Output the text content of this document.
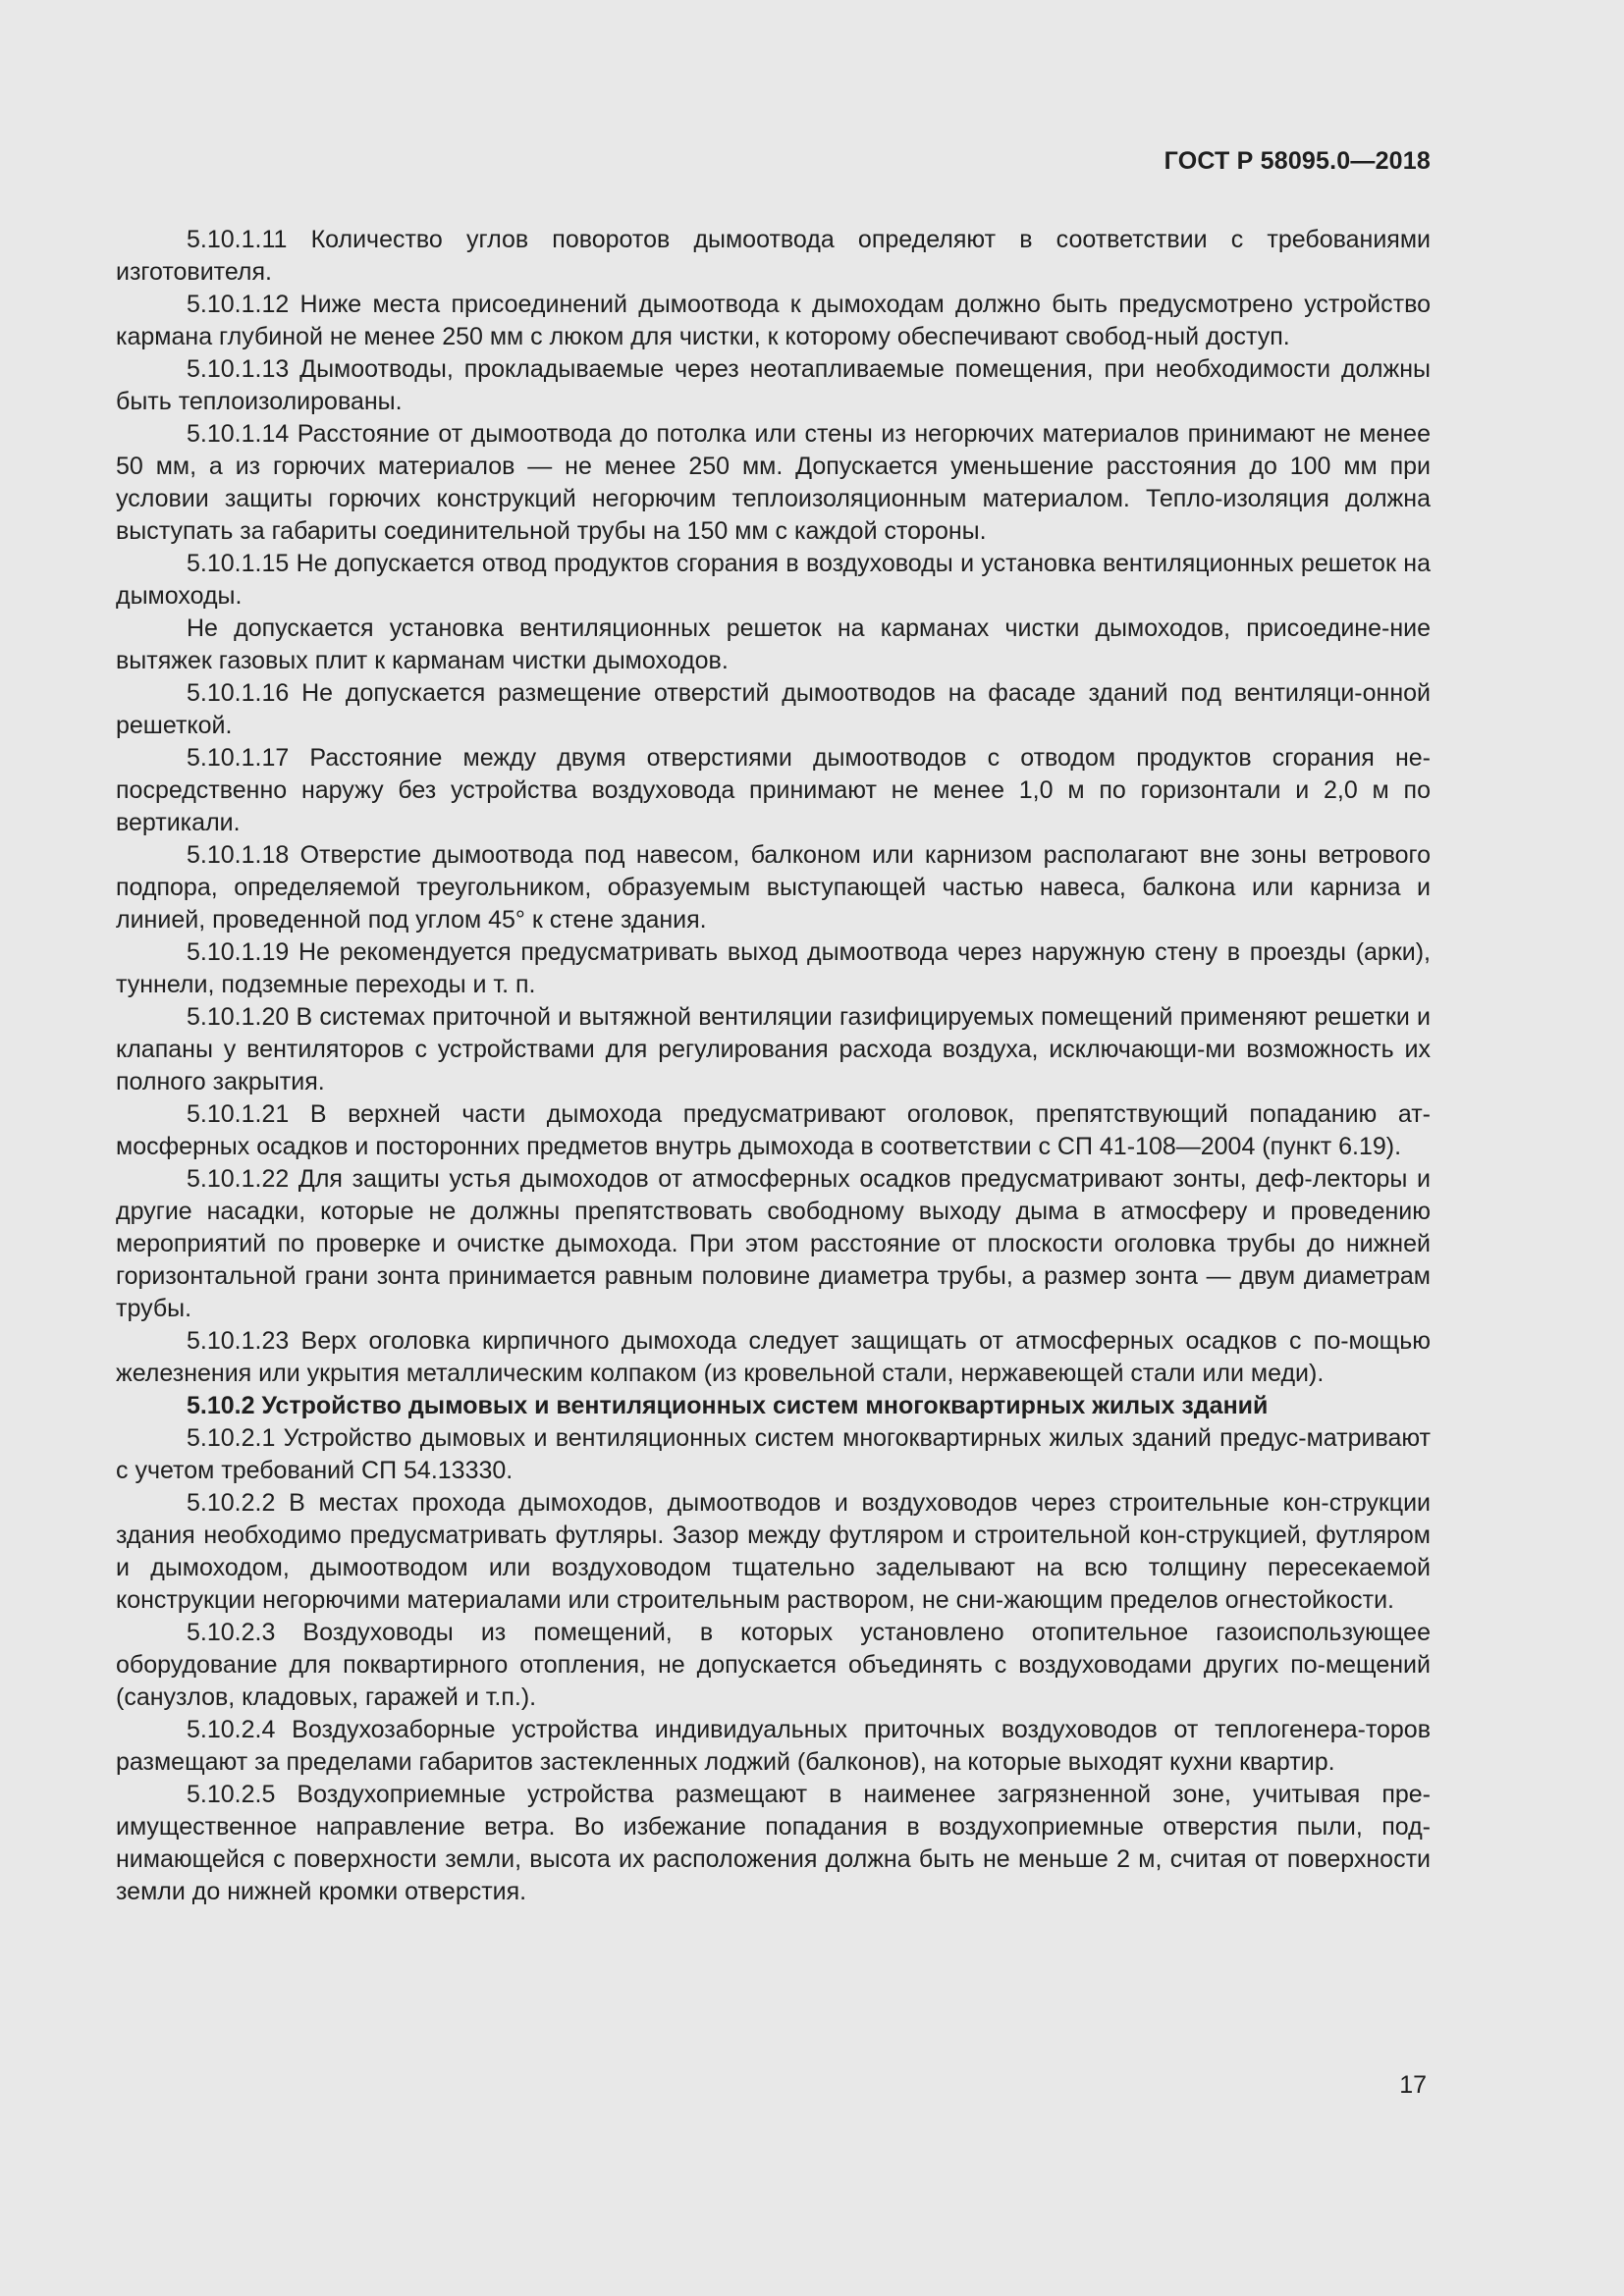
ГОСТ Р 58095.0—2018

5.10.1.11 Количество углов поворотов дымоотвода определяют в соответствии с требованиями изготовителя.

5.10.1.12 Ниже места присоединений дымоотвода к дымоходам должно быть предусмотрено устройство кармана глубиной не менее 250 мм с люком для чистки, к которому обеспечивают свобод-ный доступ.

5.10.1.13 Дымоотводы, прокладываемые через неотапливаемые помещения, при необходимости должны быть теплоизолированы.

5.10.1.14 Расстояние от дымоотвода до потолка или стены из негорючих материалов принимают не менее 50 мм, а из горючих материалов — не менее 250 мм. Допускается уменьшение расстояния до 100 мм при условии защиты горючих конструкций негорючим теплоизоляционным материалом. Тепло-изоляция должна выступать за габариты соединительной трубы на 150 мм с каждой стороны.

5.10.1.15 Не допускается отвод продуктов сгорания в воздуховоды и установка вентиляционных решеток на дымоходы.

Не допускается установка вентиляционных решеток на карманах чистки дымоходов, присоедине-ние вытяжек газовых плит к карманам чистки дымоходов.

5.10.1.16 Не допускается размещение отверстий дымоотводов на фасаде зданий под вентиляци-онной решеткой.

5.10.1.17 Расстояние между двумя отверстиями дымоотводов с отводом продуктов сгорания не-посредственно наружу без устройства воздуховода принимают не менее 1,0 м по горизонтали и 2,0 м по вертикали.

5.10.1.18 Отверстие дымоотвода под навесом, балконом или карнизом располагают вне зоны ветрового подпора, определяемой треугольником, образуемым выступающей частью навеса, балкона или карниза и линией, проведенной под углом 45° к стене здания.

5.10.1.19 Не рекомендуется предусматривать выход дымоотвода через наружную стену в проезды (арки), туннели, подземные переходы и т. п.

5.10.1.20 В системах приточной и вытяжной вентиляции газифицируемых помещений применяют решетки и клапаны у вентиляторов с устройствами для регулирования расхода воздуха, исключающи-ми возможность их полного закрытия.

5.10.1.21 В верхней части дымохода предусматривают оголовок, препятствующий попаданию ат-мосферных осадков и посторонних предметов внутрь дымохода в соответствии с СП 41-108—2004 (пункт 6.19).

5.10.1.22 Для защиты устья дымоходов от атмосферных осадков предусматривают зонты, деф-лекторы и другие насадки, которые не должны препятствовать свободному выходу дыма в атмосферу и проведению мероприятий по проверке и очистке дымохода. При этом расстояние от плоскости оголовка трубы до нижней горизонтальной грани зонта принимается равным половине диаметра трубы, а размер зонта — двум диаметрам трубы.

5.10.1.23 Верх оголовка кирпичного дымохода следует защищать от атмосферных осадков с по-мощью железнения или укрытия металлическим колпаком (из кровельной стали, нержавеющей стали или меди).

5.10.2 Устройство дымовых и вентиляционных систем многоквартирных жилых зданий

5.10.2.1 Устройство дымовых и вентиляционных систем многоквартирных жилых зданий предус-матривают с учетом требований СП 54.13330.

5.10.2.2 В местах прохода дымоходов, дымоотводов и воздуховодов через строительные кон-струкции здания необходимо предусматривать футляры. Зазор между футляром и строительной кон-струкцией, футляром и дымоходом, дымоотводом или воздуховодом тщательно заделывают на всю толщину пересекаемой конструкции негорючими материалами или строительным раствором, не сни-жающим пределов огнестойкости.

5.10.2.3 Воздуховоды из помещений, в которых установлено отопительное газоиспользующее оборудование для поквартирного отопления, не допускается объединять с воздуховодами других по-мещений (санузлов, кладовых, гаражей и т.п.).

5.10.2.4 Воздухозаборные устройства индивидуальных приточных воздуховодов от теплогенера-торов размещают за пределами габаритов застекленных лоджий (балконов), на которые выходят кухни квартир.

5.10.2.5 Воздухоприемные устройства размещают в наименее загрязненной зоне, учитывая пре-имущественное направление ветра. Во избежание попадания в воздухоприемные отверстия пыли, под-нимающейся с поверхности земли, высота их расположения должна быть не меньше 2 м, считая от поверхности земли до нижней кромки отверстия.

17
